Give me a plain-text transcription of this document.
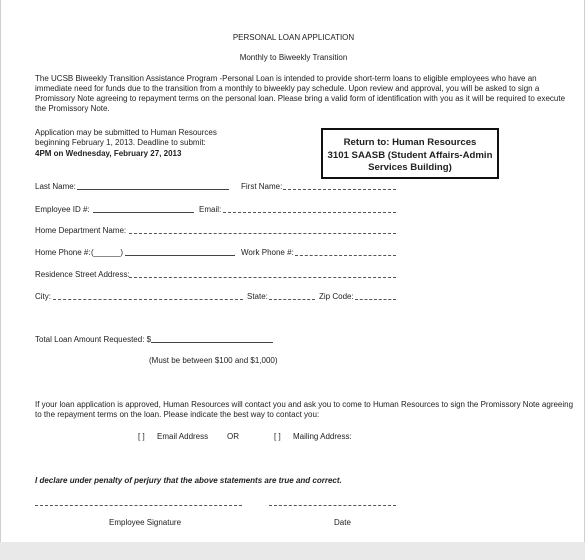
PERSONAL LOAN APPLICATION
Monthly to Biweekly Transition
The UCSB Biweekly Transition Assistance Program -Personal Loan is intended to provide short-term loans to eligible employees who have an
immediate need for funds due to the transition from a monthly to biweekly pay schedule. Upon review and approval, you will be asked to sign a
Promissory Note agreeing to repayment terms on the personal loan. Please bring a valid form of identification with you as it will be required to execute
the Promissory Note.
Application may be submitted to Human Resources
beginning February 1, 2013. Deadline to submit:
4PM on Wednesday, February 27, 2013
Return to: Human Resources
3101 SAASB (Student Affairs-Admin
Services Building)
Last Name:	First Name:
Employee ID #:	Email:
Home Department Name:
Home Phone #: (______)	Work Phone #:
Residence Street Address:
City:	State:	Zip Code:
Total Loan Amount Requested: $
(Must be between $100 and $1,000)
If your loan application is approved, Human Resources will contact you and ask you to come to Human Resources to sign the Promissory Note agreeing
to the repayment terms on the loan. Please indicate the best way to contact you:
[ ] Email Address OR	[ ] Mailing Address:
I declare under penalty of perjury that the above statements are true and correct.
Employee Signature	Date
